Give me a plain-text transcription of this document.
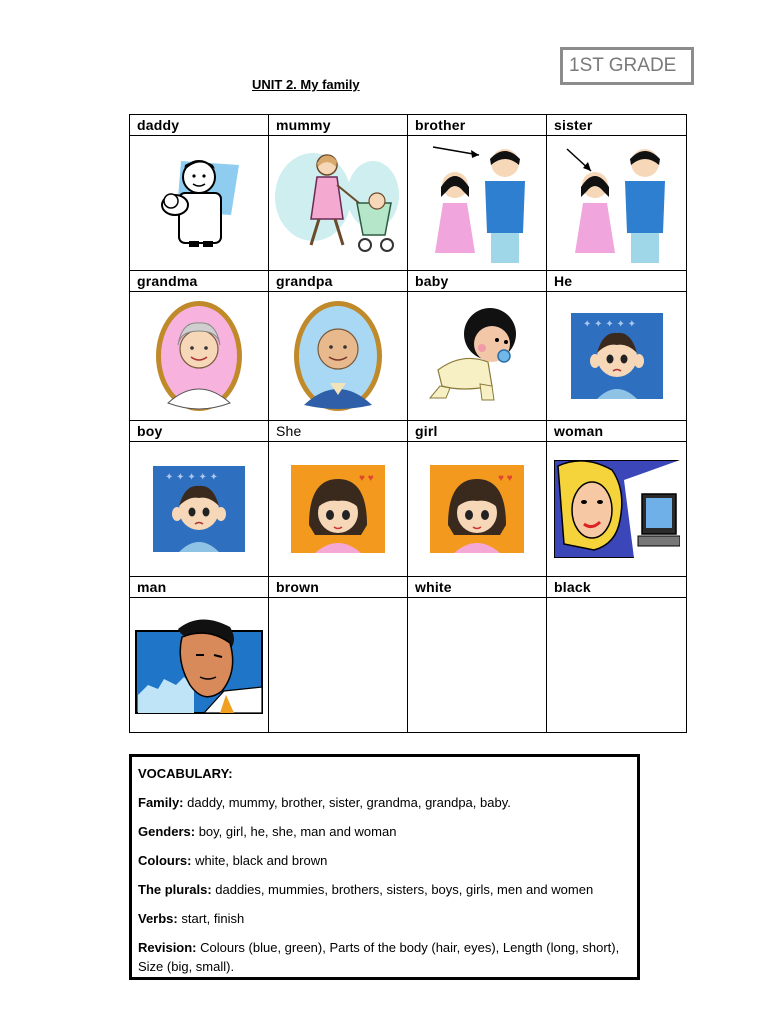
1ST GRADE
UNIT 2. My family
daddy	mummy	brother	sister

grandma	grandpa	baby	He

✦ ✦ ✦ ✦ ✦

boy	She	girl	woman

✦ ✦ ✦ ✦ ✦	♥ ♥	♥ ♥

man	brown	white	black

VOCABULARY:
Family: daddy, mummy, brother, sister, grandma, grandpa, baby.
Genders: boy, girl, he, she, man and woman
Colours: white, black and brown
The plurals: daddies, mummies, brothers, sisters, boys, girls, men and women
Verbs: start, finish
Revision: Colours (blue, green), Parts of the body (hair, eyes), Length (long, short), Size (big, small).
